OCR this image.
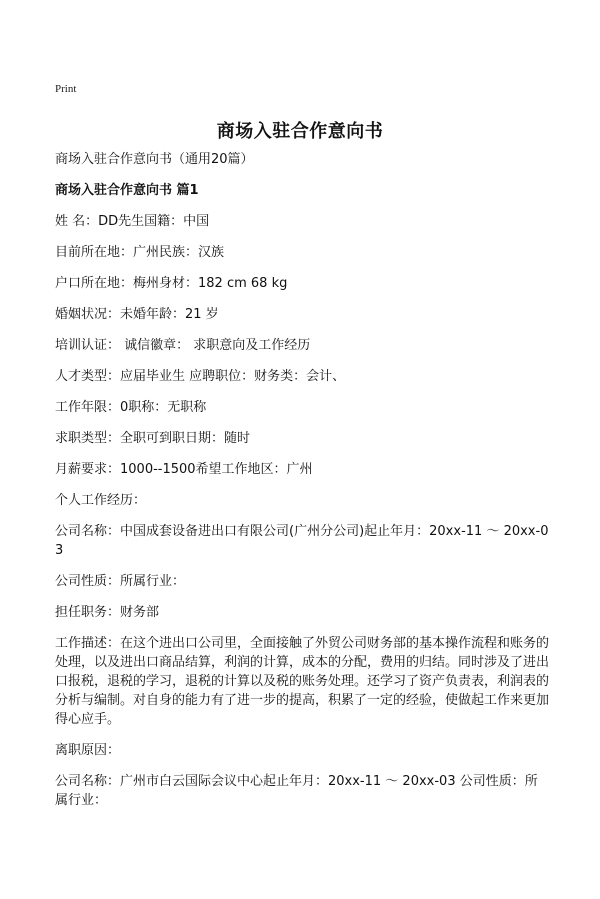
Print
商场入驻合作意向书

商场入驻合作意向书（通用20篇）

商场入驻合作意向书 篇1

姓 名：DD先生国籍：中国

目前所在地：广州民族：汉族

户口所在地：梅州身材：182 cm 68 kg

婚姻状况：未婚年龄：21 岁

培训认证： 诚信徽章： 求职意向及工作经历

人才类型：应届毕业生 应聘职位：财务类：会计、

工作年限：0职称：无职称

求职类型：全职可到职日期：随时

月薪要求：1000--1500希望工作地区：广州

个人工作经历：

公司名称：中国成套设备进出口有限公司(广州分公司)起止年月：20xx-11 ～ 20xx-03

公司性质：所属行业：

担任职务：财务部

工作描述：在这个进出口公司里，全面接触了外贸公司财务部的基本操作流程和账务的处理，以及进出口商品结算，利润的计算，成本的分配，费用的归结。同时涉及了进出口报税，退税的学习，退税的计算以及税的账务处理。还学习了资产负责表，利润表的分析与编制。对自身的能力有了进一步的提高，积累了一定的经验，使做起工作来更加得心应手。

离职原因：

公司名称：广州市白云国际会议中心起止年月：20xx-11 ～ 20xx-03 公司性质：所属行业：
